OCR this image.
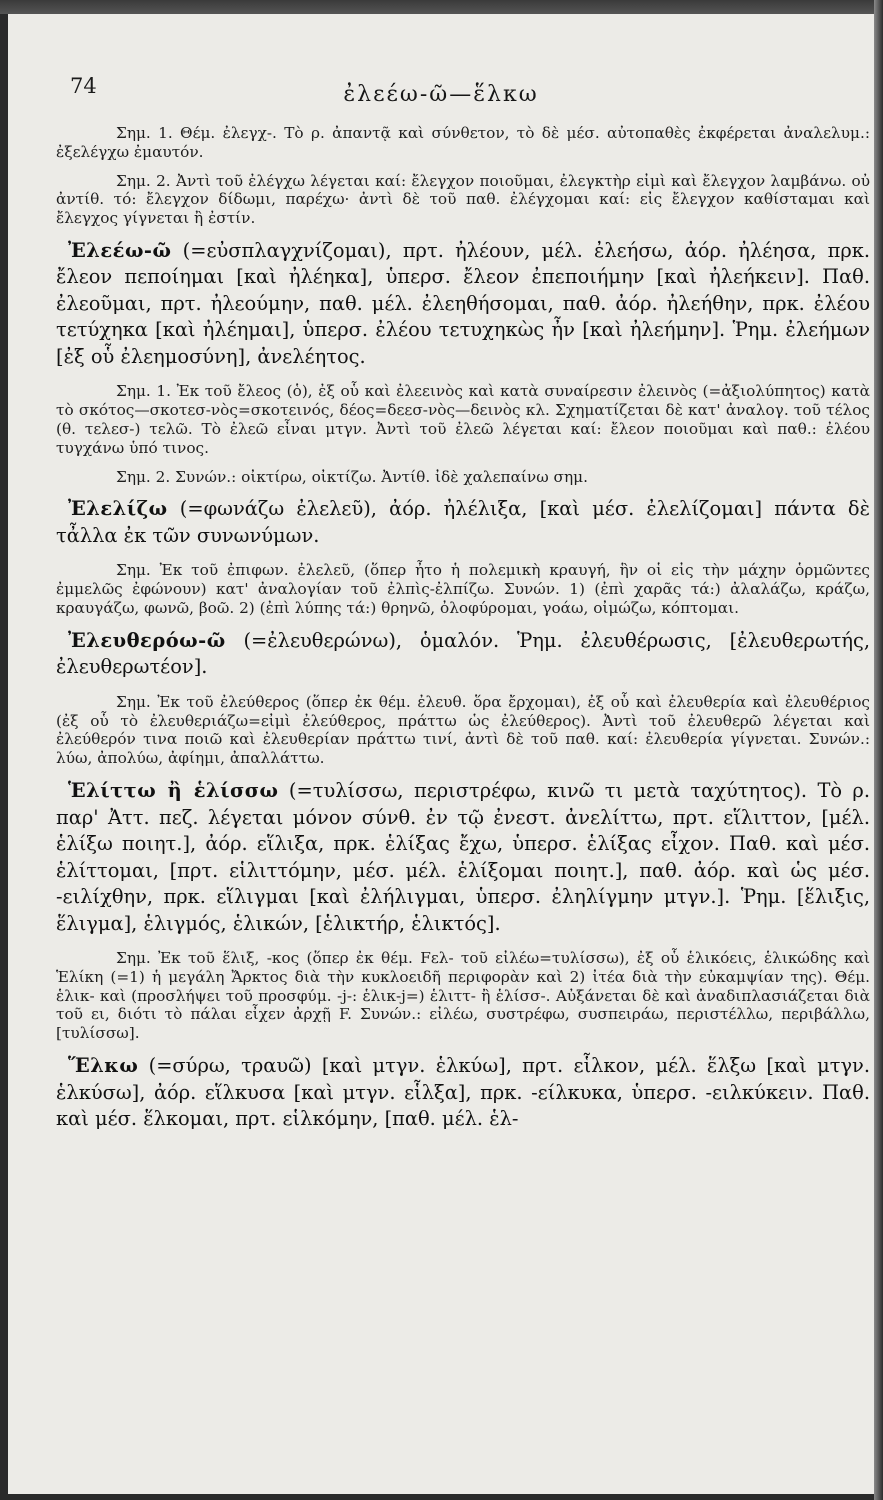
74	ἐλεέω-ῶ—ἕλκω

Σημ. 1. Θέμ. ἐλεγχ-. Τὸ ρ. ἀπαντᾷ καὶ σύνθετον, τὸ δὲ μέσ. αὐτοπαθὲς ἐκφέρεται ἀναλελυμ.: ἐξελέγχω ἐμαυτόν.

Σημ. 2. Ἀντὶ τοῦ ἐλέγχω λέγεται καί: ἔλεγχον ποιοῦμαι, ἐλεγκτὴρ εἰμὶ καὶ ἔλεγχον λαμβάνω. οὐ ἀντίθ. τό: ἔλεγχον δίδωμι, παρέχω· ἀντὶ δὲ τοῦ παθ. ἐλέγχομαι καί: εἰς ἔλεγχον καθίσταμαι καὶ ἔλεγχος γίγνεται ἢ ἐστίν.

Ἐλεέω-ῶ (=εὐσπλαγχνίζομαι), πρτ. ἠλέουν, μέλ. ἐλεήσω, ἀόρ. ἠλέησα, πρκ. ἔλεον πεποίημαι [καὶ ἠλέηκα], ὑπερσ. ἔλεον ἐπεποιήμην [καὶ ἠλεήκειν]. Παθ. ἐλεοῦμαι, πρτ. ἠλεούμην, παθ. μέλ. ἐλεηθήσομαι, παθ. ἀόρ. ἠλεήθην, πρκ. ἐλέου τετύχηκα [καὶ ἠλέημαι], ὑπερσ. ἐλέου τετυχηκὼς ἦν [καὶ ἠλεήμην]. Ῥημ. ἐλεήμων [ἐξ οὗ ἐλεημοσύνη], ἀνελέητος.

Σημ. 1. Ἐκ τοῦ ἔλεος (ὁ), ἐξ οὗ καὶ ἐλεεινὸς καὶ κατὰ συναίρεσιν ἐλεινὸς (=ἀξιολύπητος) κατὰ τὸ σκότος—σκοτεσ-νὸς=σκοτεινός, δέος=δεεσ-νὸς—δεινὸς κλ. Σχηματίζεται δὲ κατ' ἀναλογ. τοῦ τέλος (θ. τελεσ-) τελῶ. Τὸ ἐλεῶ εἶναι μτγν. Ἀντὶ τοῦ ἐλεῶ λέγεται καί: ἔλεον ποιοῦμαι καὶ παθ.: ἐλέου τυγχάνω ὑπό τινος.

Σημ. 2. Συνών.: οἰκτίρω, οἰκτίζω. Ἀντίθ. ἰδὲ χαλεπαίνω σημ.

Ἐλελίζω (=φωνάζω ἐλελεῦ), ἀόρ. ἠλέλιξα, [καὶ μέσ. ἐλελίζομαι] πάντα δὲ τἆλλα ἐκ τῶν συνωνύμων.

Σημ. Ἐκ τοῦ ἐπιφων. ἐλελεῦ, (ὅπερ ἦτο ἡ πολεμικὴ κραυγή, ἣν οἱ εἰς τὴν μάχην ὁρμῶντες ἐμμελῶς ἐφώνουν) κατ' ἀναλογίαν τοῦ ἐλπὶς-ἐλπίζω. Συνών. 1) (ἐπὶ χαρᾶς τά:) ἀλαλάζω, κράζω, κραυγάζω, φωνῶ, βοῶ. 2) (ἐπὶ λύπης τά:) θρηνῶ, ὀλοφύρομαι, γοάω, οἰμώζω, κόπτομαι.

Ἐλευθερόω-ῶ (=ἐλευθερώνω), ὁμαλόν. Ῥημ. ἐλευθέρωσις, [ἐλευθερωτής, ἐλευθερωτέον].

Σημ. Ἐκ τοῦ ἐλεύθερος (ὅπερ ἐκ θέμ. ἐλευθ. ὅρα ἔρχομαι), ἐξ οὗ καὶ ἐλευθερία καὶ ἐλευθέριος (ἐξ οὗ τὸ ἐλευθεριάζω=εἰμὶ ἐλεύθερος, πράττω ὡς ἐλεύθερος). Ἀντὶ τοῦ ἐλευθερῶ λέγεται καὶ ἐλεύθερόν τινα ποιῶ καὶ ἐλευθερίαν πράττω τινί, ἀντὶ δὲ τοῦ παθ. καί: ἐλευθερία γίγνεται. Συνών.: λύω, ἀπολύω, ἀφίημι, ἀπαλλάττω.

Ἑλίττω ἢ ἑλίσσω (=τυλίσσω, περιστρέφω, κινῶ τι μετὰ ταχύτητος). Τὸ ρ. παρ' Ἀττ. πεζ. λέγεται μόνον σύνθ. ἐν τῷ ἐνεστ. ἀνελίττω, πρτ. εἵλιττον, [μέλ. ἑλίξω ποιητ.], ἀόρ. εἵλιξα, πρκ. ἑλίξας ἔχω, ὑπερσ. ἑλίξας εἶχον. Παθ. καὶ μέσ. ἑλίττομαι, [πρτ. εἱλιττόμην, μέσ. μέλ. ἑλίξομαι ποιητ.], παθ. ἀόρ. καὶ ὡς μέσ. -ειλίχθην, πρκ. εἵλιγμαι [καὶ ἐλήλιγμαι, ὑπερσ. ἐληλίγμην μτγν.]. Ῥημ. [ἕλιξις, ἕλιγμα], ἑλιγμός, ἑλικών, [ἑλικτήρ, ἑλικτός].

Σημ. Ἐκ τοῦ ἕλιξ, -κος (ὅπερ ἐκ θέμ. Fελ- τοῦ εἰλέω=τυλίσσω), ἐξ οὗ ἑλικόεις, ἑλικώδης καὶ Ἑλίκη (=1) ἡ μεγάλη Ἄρκτος διὰ τὴν κυκλοειδῆ περιφορὰν καὶ 2) ἰτέα διὰ τὴν εὐκαμψίαν της). Θέμ. ἑλικ- καὶ (προσλήψει τοῦ προσφύμ. -j-: ἑλικ-j=) ἑλιττ- ἢ ἑλίσσ-. Αὐξάνεται δὲ καὶ ἀναδιπλασιάζεται διὰ τοῦ ει, διότι τὸ πάλαι εἶχεν ἀρχῇ F. Συνών.: εἰλέω, συστρέφω, συσπειράω, περιστέλλω, περιβάλλω, [τυλίσσω].

Ἕλκω (=σύρω, τραυῶ) [καὶ μτγν. ἑλκύω], πρτ. εἷλκον, μέλ. ἕλξω [καὶ μτγν. ἑλκύσω], ἀόρ. εἵλκυσα [καὶ μτγν. εἷλξα], πρκ. -είλκυκα, ὑπερσ. -ειλκύκειν. Παθ. καὶ μέσ. ἕλκομαι, πρτ. εἱλκόμην, [παθ. μέλ. ἑλ-
